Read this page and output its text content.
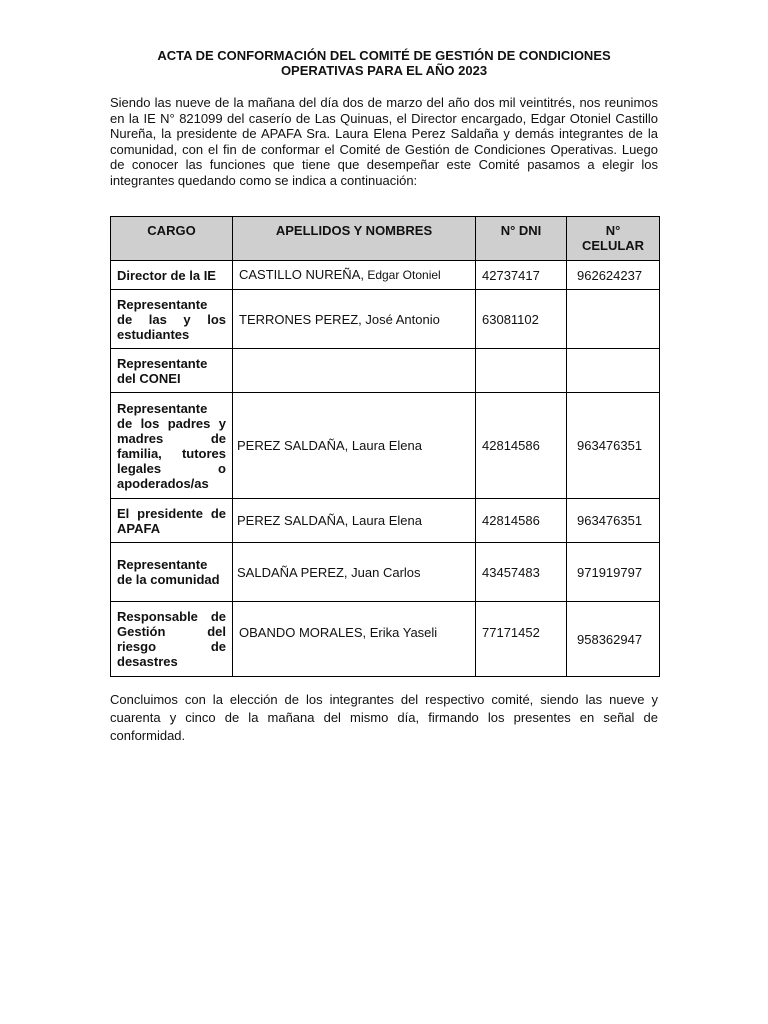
ACTA DE CONFORMACIÓN DEL COMITÉ DE GESTIÓN DE CONDICIONES
OPERATIVAS PARA EL AÑO 2023
Siendo las nueve de la mañana del día dos de marzo del año dos mil veintitrés, nos reunimos en la IE N° 821099 del caserío de Las Quinuas, el Director encargado, Edgar Otoniel Castillo Nureña, la presidente de APAFA Sra. Laura Elena Perez Saldaña y demás integrantes de la comunidad, con el fin de conformar el Comité de Gestión de Condiciones Operativas. Luego de conocer las funciones que tiene que desempeñar este Comité pasamos a elegir los integrantes quedando como se indica a continuación:
CARGO	APELLIDOS Y NOMBRES	N° DNI	N° CELULAR
Director de la IE	CASTILLO NUREÑA, Edgar Otoniel	42737417	962624237
Representante de las y los estudiantes	TERRONES PEREZ, José Antonio	63081102	
Representante del CONEI			
Representante de los padres y madres de familia, tutores legales o apoderados/as	PEREZ SALDAÑA, Laura Elena	42814586	963476351
El presidente de APAFA	PEREZ SALDAÑA, Laura Elena	42814586	963476351
Representante de la comunidad	SALDAÑA PEREZ, Juan Carlos	43457483	971919797
Responsable de Gestión del riesgo de desastres	OBANDO MORALES, Erika Yaseli	77171452	958362947
Concluimos con la elección de los integrantes del respectivo comité, siendo las nueve y cuarenta y cinco de la mañana del mismo día, firmando los presentes en señal de conformidad.
